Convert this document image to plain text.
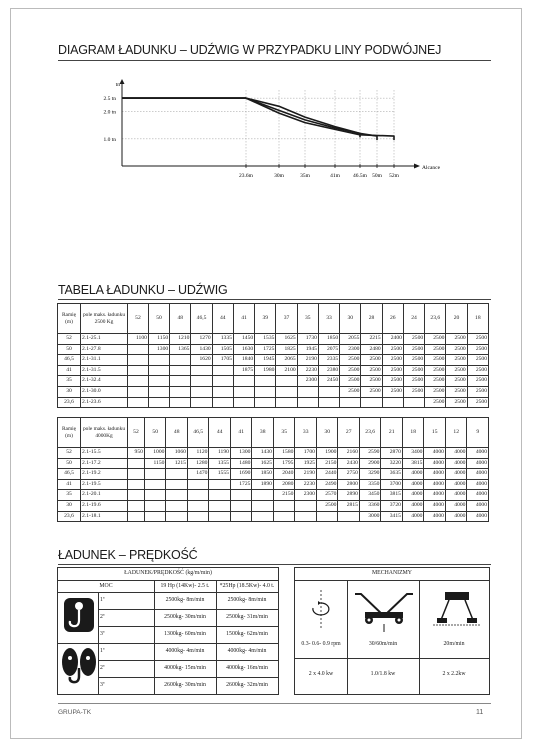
DIAGRAM ŁADUNKU – UDŹWIG W PRZYPADKU LINY PODWÓJNEJ
tn
2.5 tn
2.0 tn
1.0 tn
23.6m	30m	35m	41m 46.5m 50m 52m
Alcance
TABELA ŁADUNKU – UDŹWIG
Ramię (m)	pole maks. ładunku 2500 Kg	52	50	48	46,5	44	41	39	37	35	33	30	28	26	24	23,6	20	18
52	2.1-25.1	1100	1150	1210	1270	1335	1450	1535	1625	1730	1850	2055	2215	2400	2500	2500	2500	2500
50	2.1-27.8		1300	1365	1430	1505	1630	1725	1825	1945	2075	2300	2480	2500	2500	2500	2500	2500
46,5	2.1-31.1				1620	1705	1840	1945	2065	2190	2335	2500	2500	2500	2500	2500	2500	2500
41	2.1-31.5						1875	1980	2100	2230	2380	2500	2500	2500	2500	2500	2500	2500
35	2.1-32.4									2300	2450	2500	2500	2500	2500	2500	2500	2500
30	2.1-30.0											2500	2500	2500	2500	2500	2500	2500
23,6	2.1-23.6															2500	2500	2500
Ramię (m)	pole maks. ładunku 4000Kg	52	50	48	46,5	44	41	38	35	33	30	27	23,6	21	18	15	12	9
52	2.1-15.5	950	1000	1060	1120	1190	1300	1430	1580	1700	1900	2160	2590	2870	3400	4000	4000	4000
50	2.1-17.2		1150	1215	1280	1355	1480	1625	1795	1925	2150	2430	2900	3220	3815	4000	4000	4000
46,5	2.1-19.2				1470	1555	1690	1850	2040	2190	2440	2750	3290	3635	4000	4000	4000	4000
41	2.1-19.5						1725	1890	2080	2230	2490	2800	3350	3700	4000	4000	4000	4000
35	2.1-20.1								2150	2300	2570	2890	3450	3815	4000	4000	4000	4000
30	2.1-19.6										2500	2815	3360	3720	4000	4000	4000	4000
23,6	2.1-18.1												3000	3415	4000	4000	4000	4000
ŁADUNEK – PRĘDKOŚĆ
ŁADUNEK/PRĘDKOŚĆ (kg/m/min)
MOC	19 Hp (14Kw)- 2.5 t.	*25Hp (18.5Kw)- 4.0 t.
1ª	2500kg- 8m/min	2500kg- 8m/min
2ª	2500kg- 30m/min	2500kg- 31m/min
3ª	1300kg- 60m/min	1500kg- 62m/min
1ª	4000kg- 4m/min	4000kg- 4m/min
2ª	4000kg- 15m/min	4000kg- 16m/min
3ª	2600kg- 30m/min	2600kg- 32m/min
MECHANIZMY
0.3- 0.6- 0.9 rpm	30/60m/min	20m/min
2 x 4.0 kw	1.0/1.8 kw	2 x 2.2kw
GRUPA-TK	11
